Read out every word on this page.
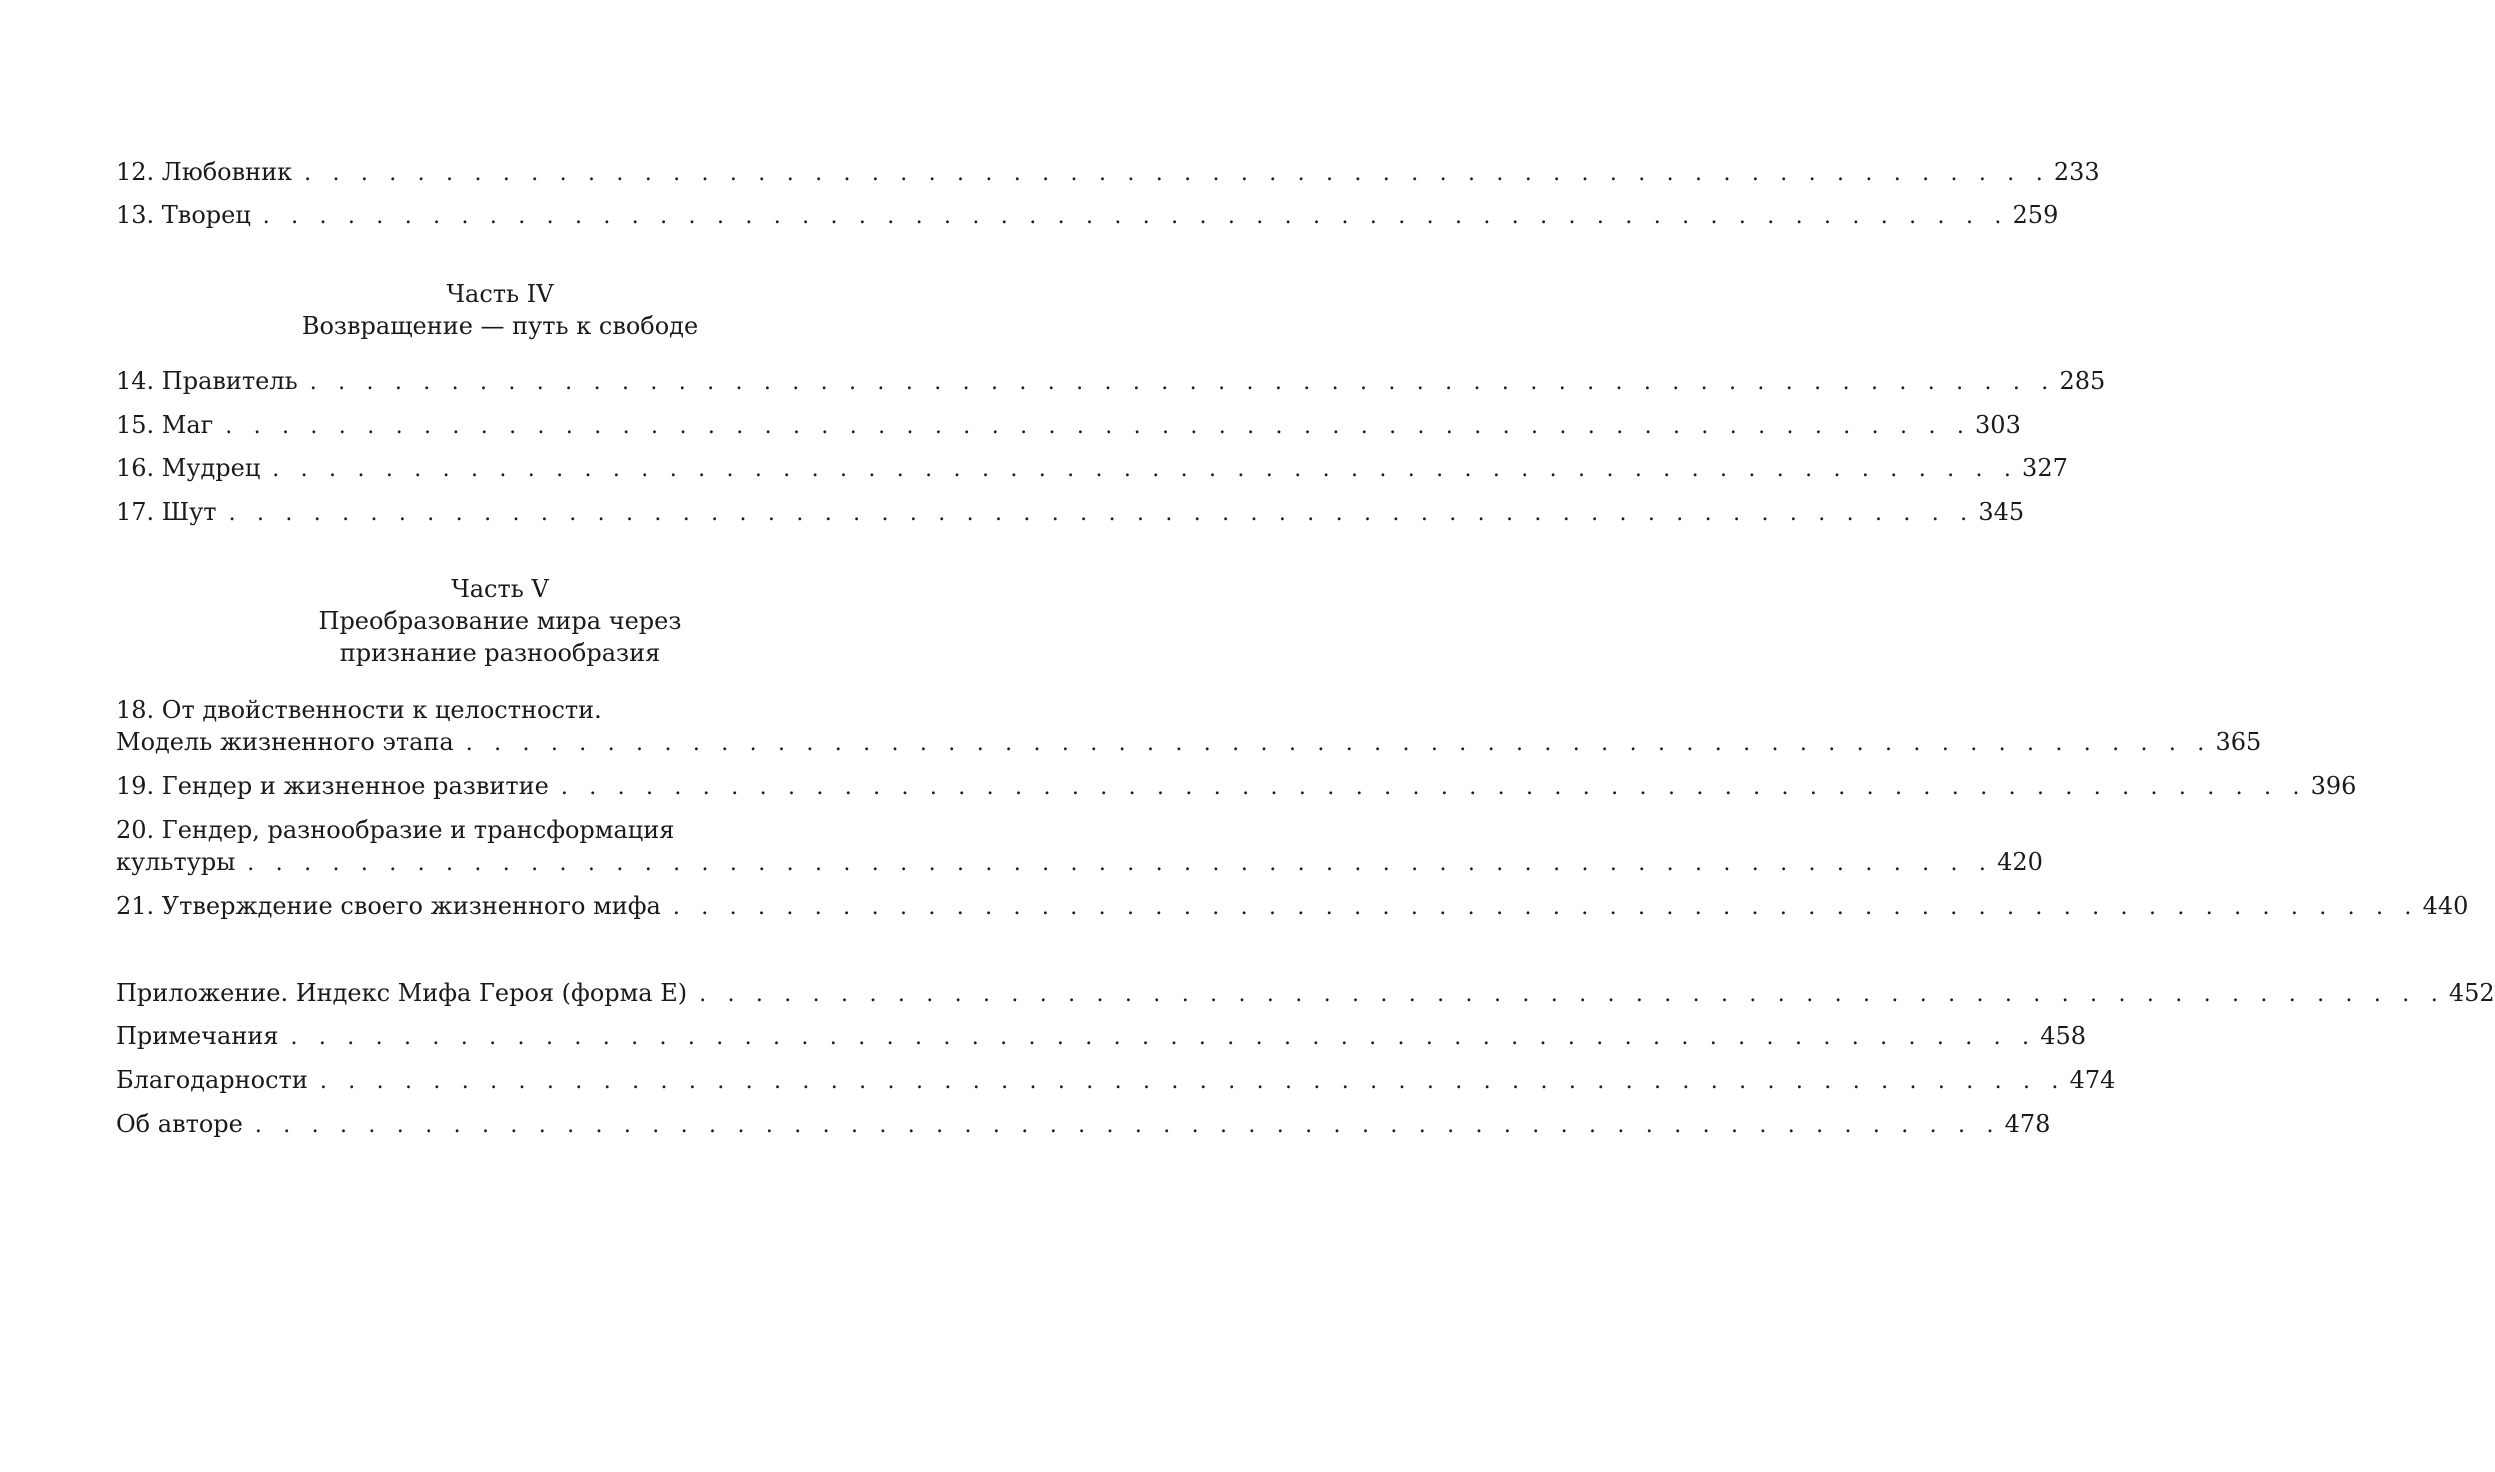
12. Любовник . . . . . . . . . . . . . . . . . . . . . . . . . . . . . . . . . . . . . . . . . . . . . . . . . . . . . . . . . . . . . . 233
13. Творец . . . . . . . . . . . . . . . . . . . . . . . . . . . . . . . . . . . . . . . . . . . . . . . . . . . . . . . . . . . . . . 259
Часть IV
Возвращение — путь к свободе
14. Правитель . . . . . . . . . . . . . . . . . . . . . . . . . . . . . . . . . . . . . . . . . . . . . . . . . . . . . . . . . . . . . . 285
15. Маг . . . . . . . . . . . . . . . . . . . . . . . . . . . . . . . . . . . . . . . . . . . . . . . . . . . . . . . . . . . . . . 303
16. Мудрец . . . . . . . . . . . . . . . . . . . . . . . . . . . . . . . . . . . . . . . . . . . . . . . . . . . . . . . . . . . . . . 327
17. Шут . . . . . . . . . . . . . . . . . . . . . . . . . . . . . . . . . . . . . . . . . . . . . . . . . . . . . . . . . . . . . . 345
Часть V
Преобразование мира через
признание разнообразия
18. От двойственности к целостности.
Модель жизненного этапа . . . . . . . . . . . . . . . . . . . . . . . . . . . . . . . . . . . . . . . . . . . . . . . . . . . . . . . . . . . . . . 365
19. Гендер и жизненное развитие . . . . . . . . . . . . . . . . . . . . . . . . . . . . . . . . . . . . . . . . . . . . . . . . . . . . . . . . . . . . . . 396
20. Гендер, разнообразие и трансформация
культуры . . . . . . . . . . . . . . . . . . . . . . . . . . . . . . . . . . . . . . . . . . . . . . . . . . . . . . . . . . . . . . 420
21. Утверждение своего жизненного мифа . . . . . . . . . . . . . . . . . . . . . . . . . . . . . . . . . . . . . . . . . . . . . . . . . . . . . . . . . . . . . . 440
Приложение. Индекс Мифа Героя (форма E) . . . . . . . . . . . . . . . . . . . . . . . . . . . . . . . . . . . . . . . . . . . . . . . . . . . . . . . . . . . . . . 452
Примечания . . . . . . . . . . . . . . . . . . . . . . . . . . . . . . . . . . . . . . . . . . . . . . . . . . . . . . . . . . . . . . 458
Благодарности . . . . . . . . . . . . . . . . . . . . . . . . . . . . . . . . . . . . . . . . . . . . . . . . . . . . . . . . . . . . . . 474
Об авторе . . . . . . . . . . . . . . . . . . . . . . . . . . . . . . . . . . . . . . . . . . . . . . . . . . . . . . . . . . . . . . 478
